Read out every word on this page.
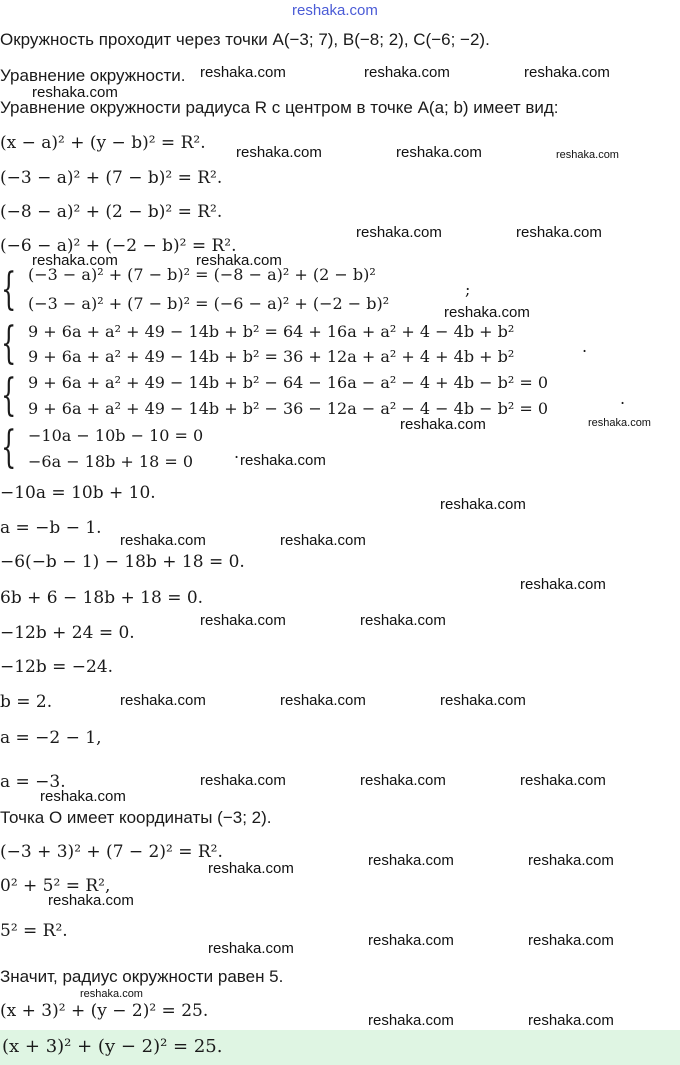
reshaka.com
Окружность проходит через точки A(−3; 7), B(−8; 2), C(−6; −2).
Уравнение окружности.
Уравнение окружности радиуса R с центром в точке A(a; b) имеет вид:
(x − a)² + (y − b)² = R².
(−3 − a)² + (7 − b)² = R².
(−8 − a)² + (2 − b)² = R².
(−6 − a)² + (−2 − b)² = R².
{ (−3 − a)² + (7 − b)² = (−8 − a)² + (2 − b)²
(−3 − a)² + (7 − b)² = (−6 − a)² + (−2 − b)²
;
{ 9 + 6a + a² + 49 − 14b + b² = 64 + 16a + a² + 4 − 4b + b²
9 + 6a + a² + 49 − 14b + b² = 36 + 12a + a² + 4 + 4b + b²
.
{ 9 + 6a + a² + 49 − 14b + b² − 64 − 16a − a² − 4 + 4b − b² = 0
9 + 6a + a² + 49 − 14b + b² − 36 − 12a − a² − 4 − 4b − b² = 0
.
{ −10a − 10b − 10 = 0
−6a − 18b + 18 = 0	.
−10a = 10b + 10.
a = −b − 1.
−6(−b − 1) − 18b + 18 = 0.
6b + 6 − 18b + 18 = 0.
−12b + 24 = 0.
−12b = −24.
b = 2.
a = −2 − 1,
a = −3.
Точка O имеет координаты (−3; 2).
(−3 + 3)² + (7 − 2)² = R².
0² + 5² = R²,
5² = R².
Значит, радиус окружности равен 5.
(x + 3)² + (y − 2)² = 25.
(x + 3)² + (y − 2)² = 25.
reshaka.com	reshaka.com	reshaka.com
reshaka.com
reshaka.com	reshaka.com	reshaka.com
reshaka.com	reshaka.com
reshaka.com	reshaka.com
reshaka.com
reshaka.com	reshaka.com
reshaka.com
reshaka.com
reshaka.com	reshaka.com
reshaka.com
reshaka.com	reshaka.com
reshaka.com	reshaka.com	reshaka.com
reshaka.com	reshaka.com	reshaka.com
reshaka.com
reshaka.com	reshaka.com
reshaka.com
reshaka.com
reshaka.com	reshaka.com	reshaka.com
reshaka.com
reshaka.com	reshaka.com
